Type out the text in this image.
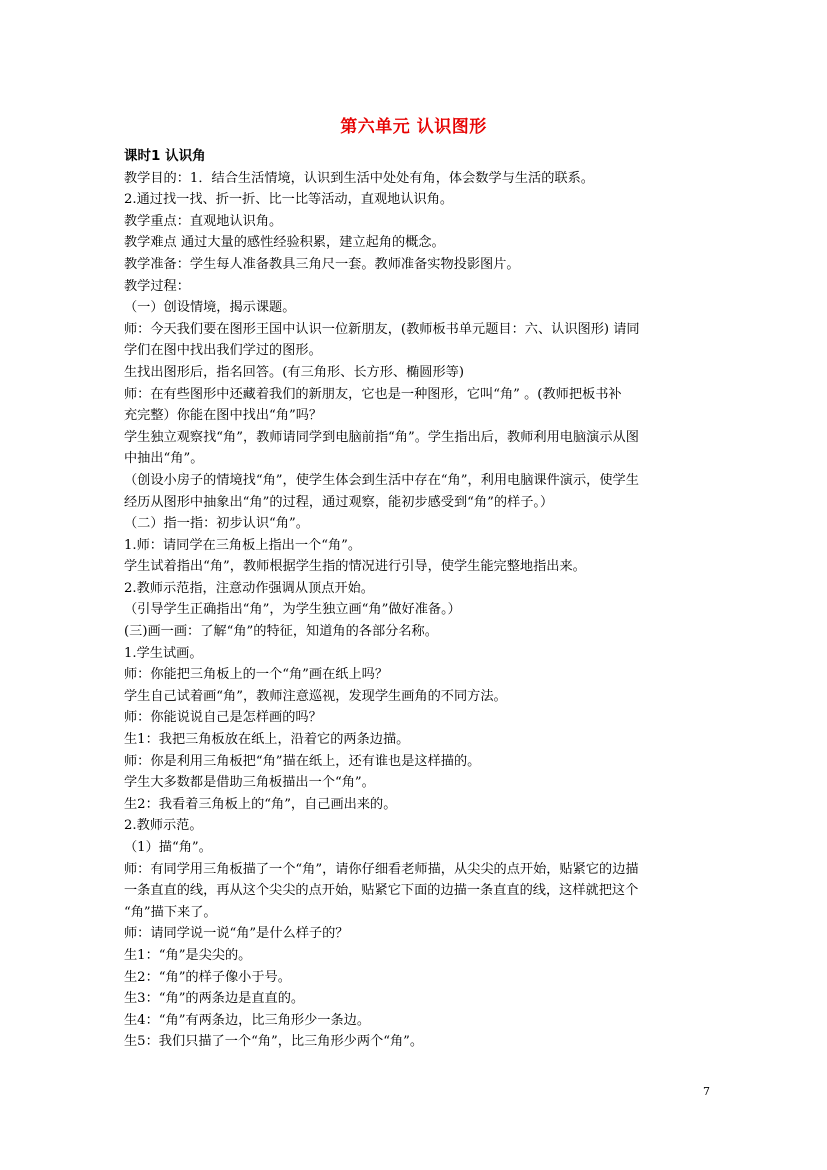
第六单元 认识图形
课时1 认识角
教学目的：1．结合生活情境，认识到生活中处处有角，体会数学与生活的联系。
2.通过找一找、折一折、比一比等活动，直观地认识角。
教学重点：直观地认识角。
教学难点 通过大量的感性经验积累，建立起角的概念。
教学准备：学生每人准备教具三角尺一套。教师准备实物投影图片。
教学过程：
（一）创设情境，揭示课题。
师：今天我们要在图形王国中认识一位新朋友，(教师板书单元题目：六、认识图形) 请同
学们在图中找出我们学过的图形。
生找出图形后，指名回答。(有三角形、长方形、椭圆形等)
师：在有些图形中还藏着我们的新朋友，它也是一种图形，它叫“角” 。(教师把板书补
充完整）你能在图中找出“角”吗？
学生独立观察找“角”，教师请同学到电脑前指“角”。学生指出后，教师利用电脑演示从图
中抽出“角”。
（创设小房子的情境找“角”，使学生体会到生活中存在“角”，利用电脑课件演示，使学生
经历从图形中抽象出“角”的过程，通过观察，能初步感受到“角”的样子。）
（二）指一指：初步认识“角”。
1.师：请同学在三角板上指出一个“角”。
学生试着指出“角”，教师根据学生指的情况进行引导，使学生能完整地指出来。
2.教师示范指，注意动作强调从顶点开始。
（引导学生正确指出“角”，为学生独立画“角”做好准备。）
(三)画一画：了解“角”的特征，知道角的各部分名称。
1.学生试画。
师：你能把三角板上的一个“角”画在纸上吗？
学生自己试着画“角”，教师注意巡视，发现学生画角的不同方法。
师：你能说说自己是怎样画的吗？
生1：我把三角板放在纸上，沿着它的两条边描。
师：你是利用三角板把“角”描在纸上，还有谁也是这样描的。
学生大多数都是借助三角板描出一个“角”。
生2：我看着三角板上的“角”，自己画出来的。
2.教师示范。
（1）描“角”。
师：有同学用三角板描了一个“角”，请你仔细看老师描，从尖尖的点开始，贴紧它的边描
一条直直的线，再从这个尖尖的点开始，贴紧它下面的边描一条直直的线，这样就把这个
“角”描下来了。
师：请同学说一说“角”是什么样子的？
生1：“角”是尖尖的。
生2：“角”的样子像小于号。
生3：“角”的两条边是直直的。
生4：“角”有两条边，比三角形少一条边。
生5：我们只描了一个“角”，比三角形少两个“角”。
7
